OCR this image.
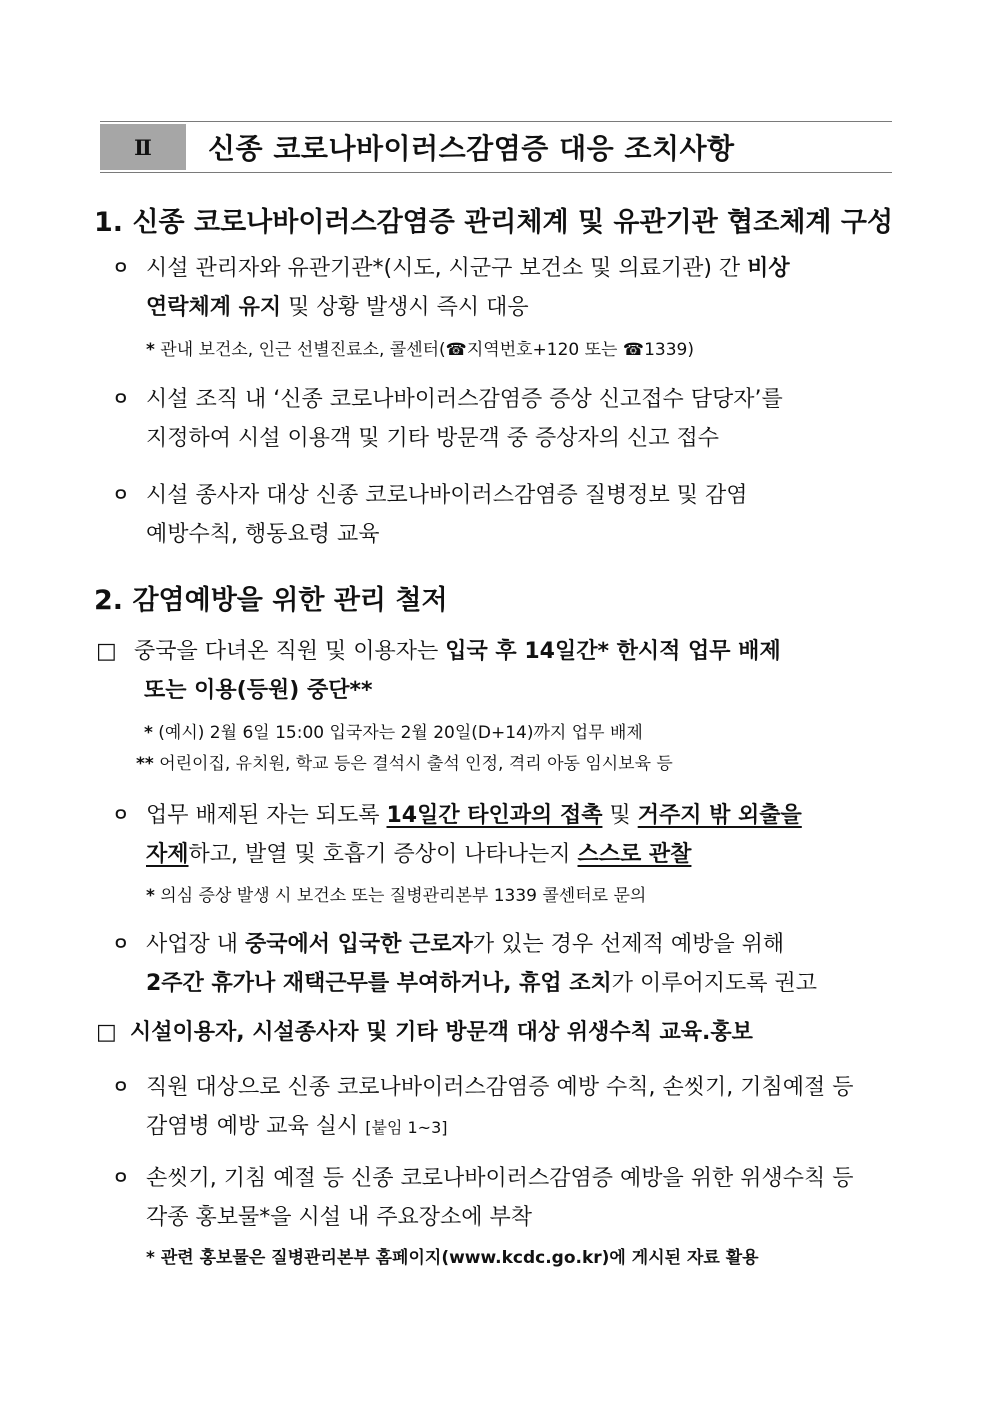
Ⅱ	신종 코로나바이러스감염증 대응 조치사항
1. 신종 코로나바이러스감염증 관리체계 및 유관기관 협조체계 구성
ㅇ 시설 관리자와 유관기관*(시도, 시군구 보건소 및 의료기관) 간 비상
연락체계 유지 및 상황 발생시 즉시 대응
* 관내 보건소, 인근 선별진료소, 콜센터(☎지역번호+120 또는 ☎1339)
ㅇ 시설 조직 내 ‘신종 코로나바이러스감염증 증상 신고접수 담당자’를
지정하여 시설 이용객 및 기타 방문객 중 증상자의 신고 접수
ㅇ 시설 종사자 대상 신종 코로나바이러스감염증 질병정보 및 감염
예방수칙, 행동요령 교육
2. 감염예방을 위한 관리 철저
□ 중국을 다녀온 직원 및 이용자는 입국 후 14일간* 한시적 업무 배제
또는 이용(등원) 중단**
* (예시) 2월 6일 15:00 입국자는 2월 20일(D+14)까지 업무 배제
** 어린이집, 유치원, 학교 등은 결석시 출석 인정, 격리 아동 임시보육 등
ㅇ 업무 배제된 자는 되도록 14일간 타인과의 접촉 및 거주지 밖 외출을
자제하고, 발열 및 호흡기 증상이 나타나는지 스스로 관찰
* 의심 증상 발생 시 보건소 또는 질병관리본부 1339 콜센터로 문의
ㅇ 사업장 내 중국에서 입국한 근로자가 있는 경우 선제적 예방을 위해
2주간 휴가나 재택근무를 부여하거나, 휴업 조치가 이루어지도록 권고
□ 시설이용자, 시설종사자 및 기타 방문객 대상 위생수칙 교육.홍보
ㅇ 직원 대상으로 신종 코로나바이러스감염증 예방 수칙, 손씻기, 기침예절 등
감염병 예방 교육 실시 [붙임 1~3]
ㅇ 손씻기, 기침 예절 등 신종 코로나바이러스감염증 예방을 위한 위생수칙 등
각종 홍보물*을 시설 내 주요장소에 부착
* 관련 홍보물은 질병관리본부 홈페이지(www.kcdc.go.kr)에 게시된 자료 활용
